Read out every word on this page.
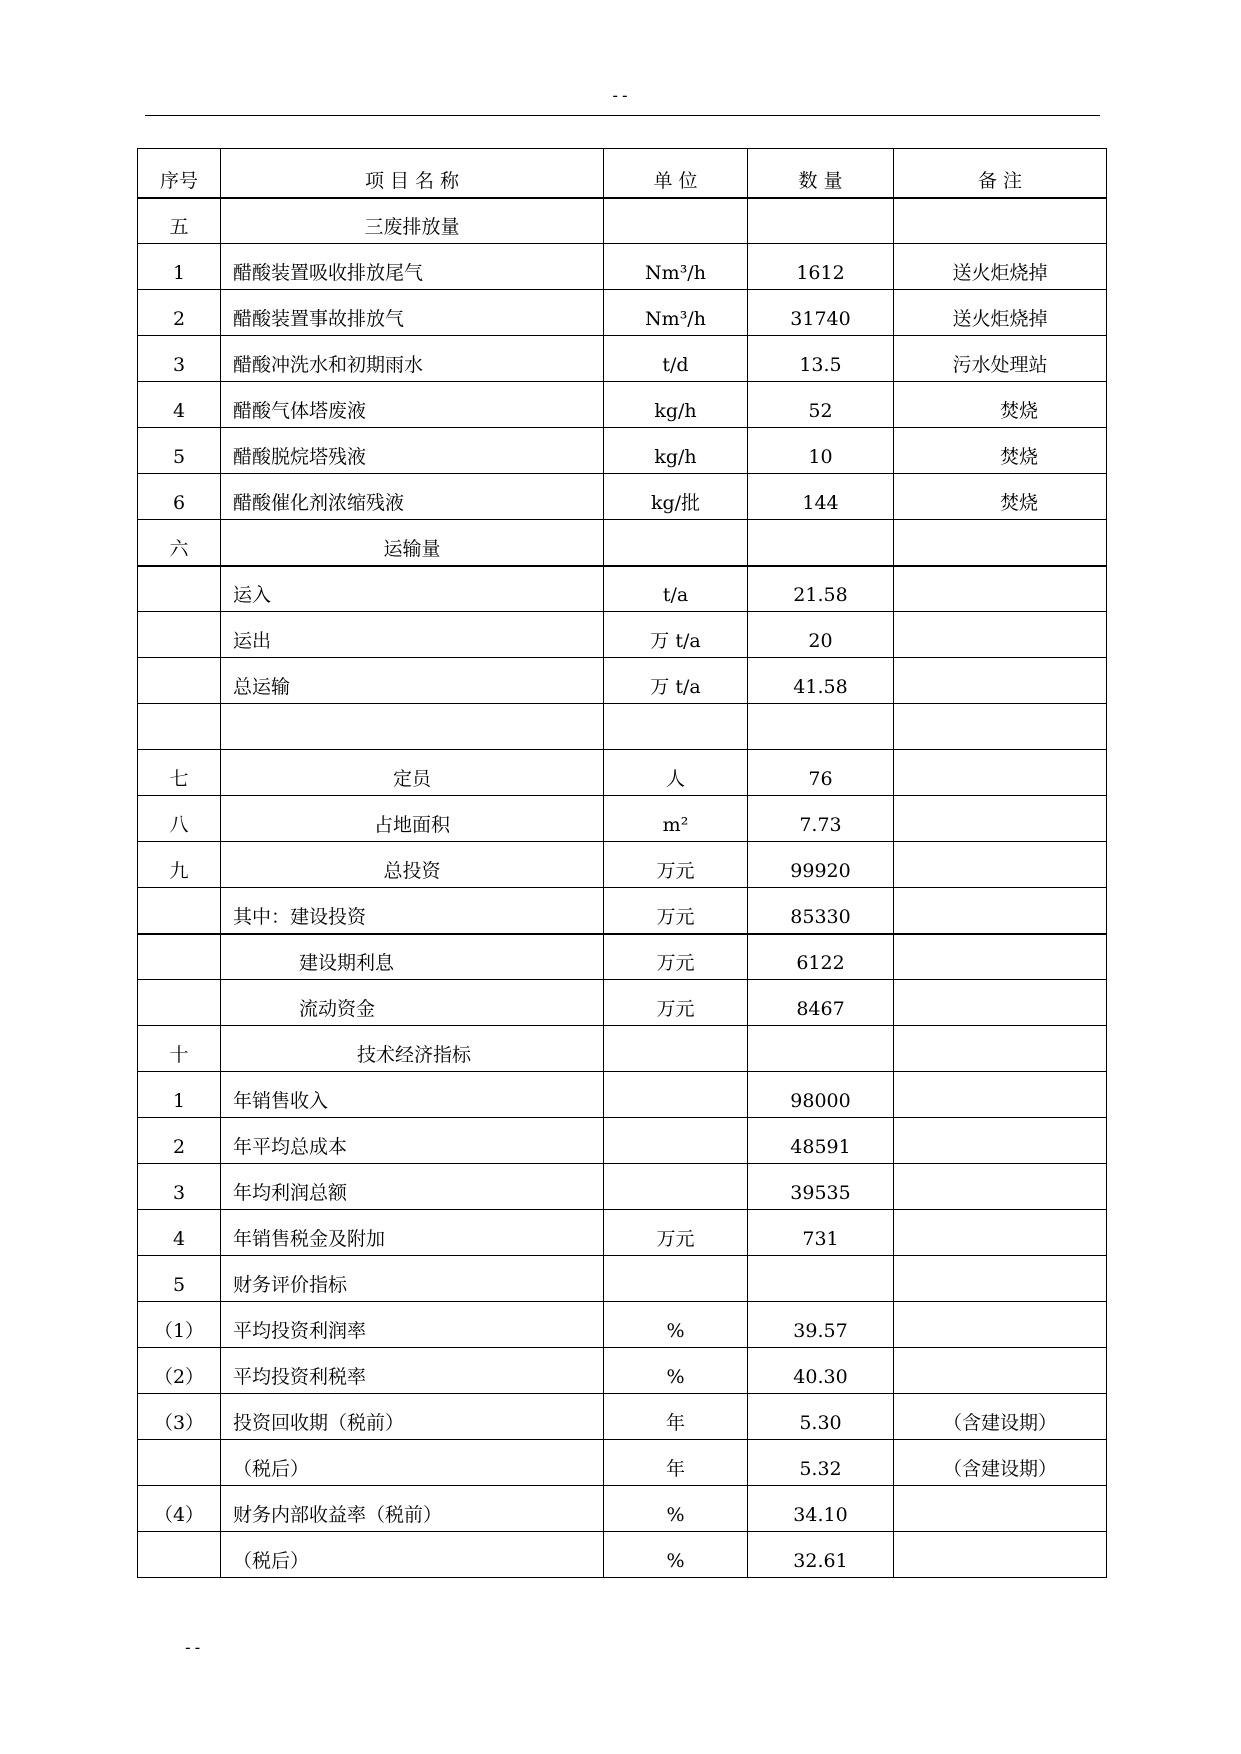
--
序号	项 目 名 称	单 位	数 量	备 注
五	三废排放量			
1	醋酸装置吸收排放尾气	Nm³/h	1612	送火炬烧掉
2	醋酸装置事故排放气	Nm³/h	31740	送火炬烧掉
3	醋酸冲洗水和初期雨水	t/d	13.5	污水处理站
4	醋酸气体塔废液	kg/h	52	焚烧
5	醋酸脱烷塔残液	kg/h	10	焚烧
6	醋酸催化剂浓缩残液	kg/批	144	焚烧
六	运输量			
	运入	t/a	21.58	
	运出	万 t/a	20	
	总运输	万 t/a	41.58	

七	定员	人	76	
八	占地面积	m²	7.73	
九	总投资	万元	99920	
	其中：建设投资	万元	85330	
	建设期利息	万元	6122	
	流动资金	万元	8467	
十	技术经济指标			
1	年销售收入		98000	
2	年平均总成本		48591	
3	年均利润总额		39535	
4	年销售税金及附加	万元	731	
5	财务评价指标			
（1）	平均投资利润率	%	39.57	
（2）	平均投资利税率	%	40.30	
（3）	投资回收期（税前）	年	5.30	（含建设期）
	（税后）	年	5.32	（含建设期）
（4）	财务内部收益率（税前）	%	34.10	
	（税后）	%	32.61	
--
